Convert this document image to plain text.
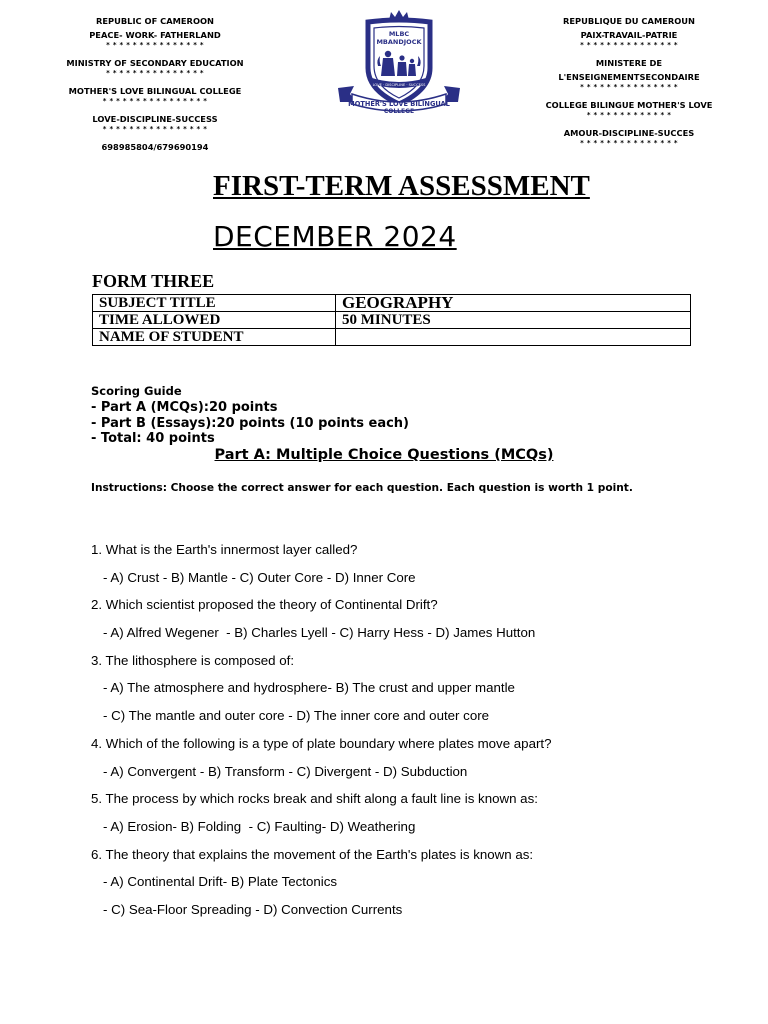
REPUBLIC OF CAMEROON
PEACE- WORK- FATHERLAND
* * * * * * * * * * * * * * *
MINISTRY OF SECONDARY EDUCATION
* * * * * * * * * * * * * * *
MOTHER'S LOVE BILINGUAL COLLEGE
* * * * * * * * * * * * * * * *
LOVE-DISCIPLINE-SUCCESS
* * * * * * * * * * * * * * * *
698985804/679690194
MLBC
MBANDJOCK
LOVE · DISCIPLINE · SUCCESS
MOTHER'S LOVE BILINGUAL
COLLEGE
REPUBLIQUE DU CAMEROUN
PAIX-TRAVAIL-PATRIE
* * * * * * * * * * * * * * *
MINISTERE DE
L'ENSEIGNEMENTSECONDAIRE
* * * * * * * * * * * * * * *
COLLEGE BILINGUE MOTHER'S LOVE
* * * * * * * * * * * * *
AMOUR-DISCIPLINE-SUCCES
* * * * * * * * * * * * * * *
FIRST-TERM ASSESSMENT
DECEMBER 2024
FORM THREE
SUBJECT TITLE	GEOGRAPHY
TIME ALLOWED	50 MINUTES
NAME OF STUDENT	
Scoring Guide
- Part A (MCQs):20 points
- Part B (Essays):20 points (10 points each)
- Total: 40 points
Part A: Multiple Choice Questions (MCQs)
Instructions: Choose the correct answer for each question. Each question is worth 1 point.
1. What is the Earth's innermost layer called?
- A) Crust - B) Mantle - C) Outer Core - D) Inner Core
2. Which scientist proposed the theory of Continental Drift?
- A) Alfred Wegener  - B) Charles Lyell - C) Harry Hess - D) James Hutton
3. The lithosphere is composed of:
- A) The atmosphere and hydrosphere- B) The crust and upper mantle
- C) The mantle and outer core - D) The inner core and outer core
4. Which of the following is a type of plate boundary where plates move apart?
- A) Convergent - B) Transform - C) Divergent - D) Subduction
5. The process by which rocks break and shift along a fault line is known as:
- A) Erosion- B) Folding  - C) Faulting- D) Weathering
6. The theory that explains the movement of the Earth's plates is known as:
- A) Continental Drift- B) Plate Tectonics
- C) Sea-Floor Spreading - D) Convection Currents
